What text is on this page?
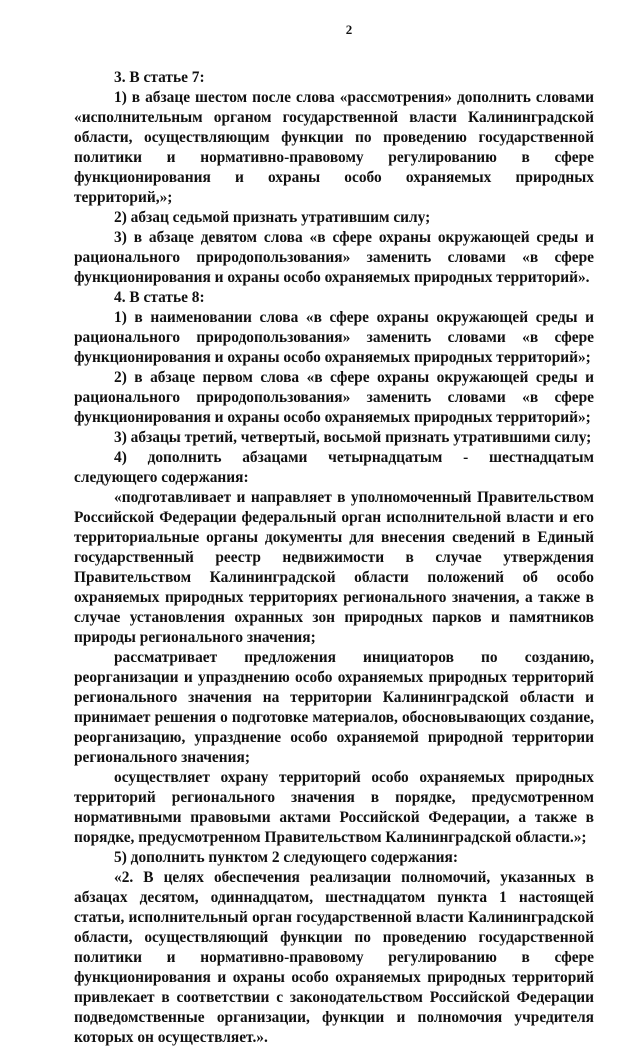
2

3. В статье 7:

1) в абзаце шестом после слова «рассмотрения» дополнить словами «исполнительным органом государственной власти Калининградской области, осуществляющим функции по проведению государственной политики и нормативно-правовому регулированию в сфере функционирования и охраны особо охраняемых природных территорий,»;

2) абзац седьмой признать утратившим силу;

3) в абзаце девятом слова «в сфере охраны окружающей среды и рационального природопользования» заменить словами «в сфере функционирования и охраны особо охраняемых природных территорий».

4. В статье 8:

1) в наименовании слова «в сфере охраны окружающей среды и рационального природопользования» заменить словами «в сфере функционирования и охраны особо охраняемых природных территорий»;

2) в абзаце первом слова «в сфере охраны окружающей среды и рационального природопользования» заменить словами «в сфере функционирования и охраны особо охраняемых природных территорий»;

3) абзацы третий, четвертый, восьмой признать утратившими силу;

4) дополнить абзацами четырнадцатым - шестнадцатым следующего содержания:

«подготавливает и направляет в уполномоченный Правительством Российской Федерации федеральный орган исполнительной власти и его территориальные органы документы для внесения сведений в Единый государственный реестр недвижимости в случае утверждения Правительством Калининградской области положений об особо охраняемых природных территориях регионального значения, а также в случае установления охранных зон природных парков и памятников природы регионального значения;

рассматривает предложения инициаторов по созданию, реорганизации и упразднению особо охраняемых природных территорий регионального значения на территории Калининградской области и принимает решения о подготовке материалов, обосновывающих создание, реорганизацию, упразднение особо охраняемой природной территории регионального значения;

осуществляет охрану территорий особо охраняемых природных территорий регионального значения в порядке, предусмотренном нормативными правовыми актами Российской Федерации, а также в порядке, предусмотренном Правительством Калининградской области.»;

5) дополнить пунктом 2 следующего содержания:

«2. В целях обеспечения реализации полномочий, указанных в абзацах десятом, одиннадцатом, шестнадцатом пункта 1 настоящей статьи, исполнительный орган государственной власти Калининградской области, осуществляющий функции по проведению государственной политики и нормативно-правовому регулированию в сфере функционирования и охраны особо охраняемых природных территорий привлекает в соответствии с законодательством Российской Федерации подведомственные организации, функции и полномочия учредителя которых он осуществляет.».
